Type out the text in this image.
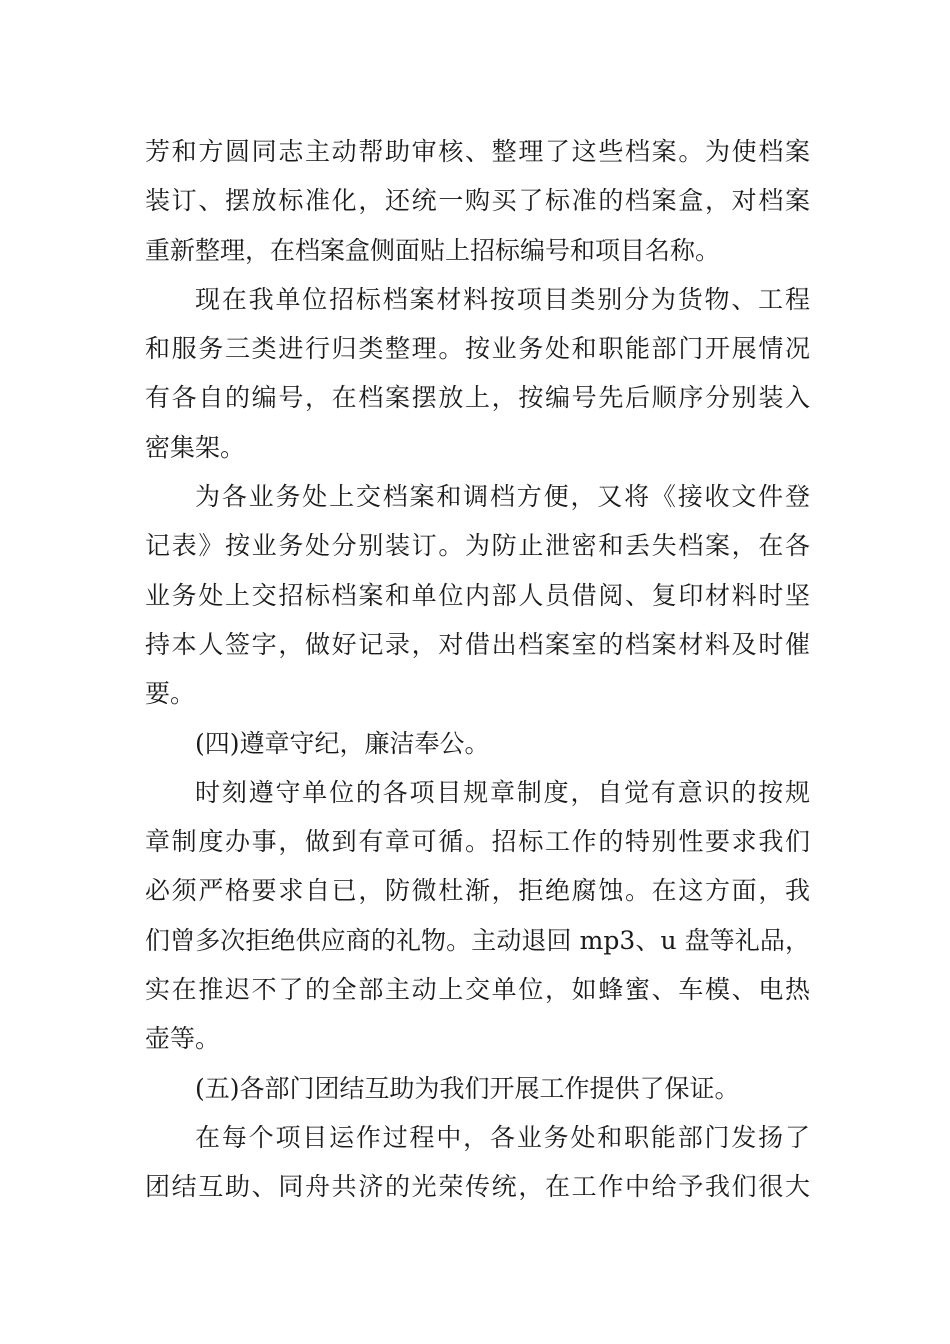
芳和方圆同志主动帮助审核、整理了这些档案。为使档案
装订、摆放标准化，还统一购买了标准的档案盒，对档案
重新整理，在档案盒侧面贴上招标编号和项目名称。
现在我单位招标档案材料按项目类别分为货物、工程
和服务三类进行归类整理。按业务处和职能部门开展情况
有各自的编号，在档案摆放上，按编号先后顺序分别装入
密集架。
为各业务处上交档案和调档方便，又将《接收文件登
记表》按业务处分别装订。为防止泄密和丢失档案，在各
业务处上交招标档案和单位内部人员借阅、复印材料时坚
持本人签字，做好记录，对借出档案室的档案材料及时催
要。
(四)遵章守纪，廉洁奉公。
时刻遵守单位的各项目规章制度，自觉有意识的按规
章制度办事，做到有章可循。招标工作的特别性要求我们
必须严格要求自已，防微杜渐，拒绝腐蚀。在这方面，我
们曾多次拒绝供应商的礼物。主动退回 mp3、u 盘等礼品，
实在推迟不了的全部主动上交单位，如蜂蜜、车模、电热
壶等。
(五)各部门团结互助为我们开展工作提供了保证。
在每个项目运作过程中，各业务处和职能部门发扬了
团结互助、同舟共济的光荣传统，在工作中给予我们很大
